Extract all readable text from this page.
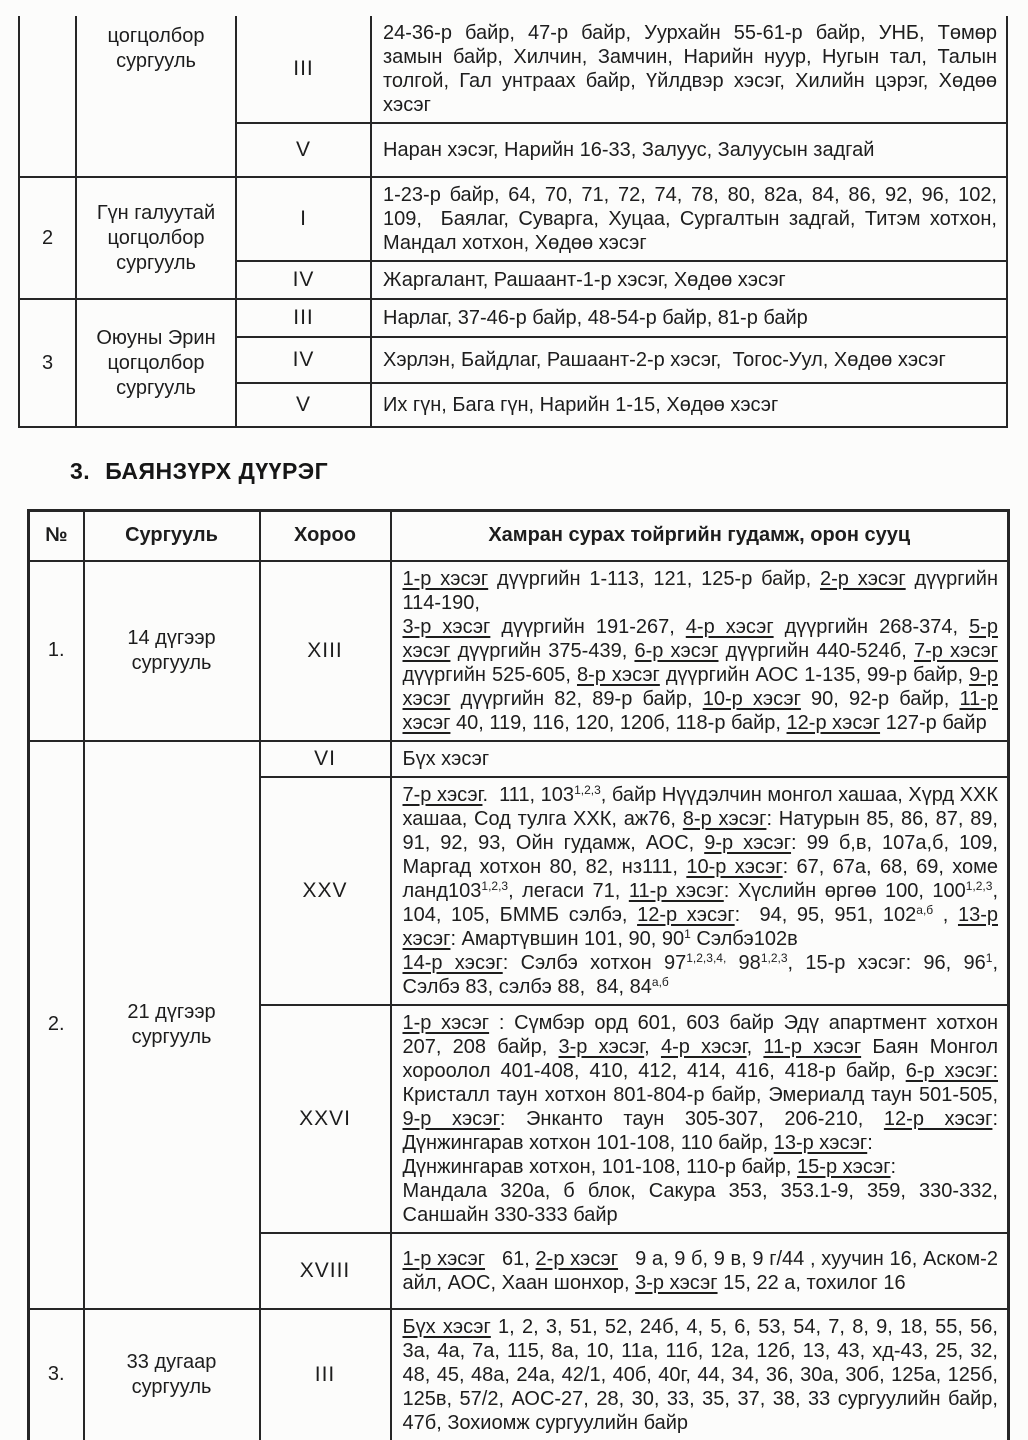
	цогцолбор сургууль	III	24-36-р байр, 47-р байр, Уурхайн 55-61-р байр, УНБ, Төмөр замын байр, Хилчин, Замчин, Нарийн нуур, Нугын тал, Талын толгой, Гал унтраах байр, Үйлдвэр хэсэг, Хилийн цэрэг, Хөдөө хэсэг
		V	Наран хэсэг, Нарийн 16-33, Залуус, Залуусын задгай
2	Гүн галуутай цогцолбор сургууль	I	1-23-р байр, 64, 70, 71, 72, 74, 78, 80, 82а, 84, 86, 92, 96, 102, 109,  Баялаг, Суварга, Хуцаа, Сургалтын задгай, Титэм хотхон, Мандал хотхон, Хөдөө хэсэг
		IV	Жаргалант, Рашаант-1-р хэсэг, Хөдөө хэсэг
3	Оюуны Эрин цогцолбор сургууль	III	Нарлаг, 37-46-р байр, 48-54-р байр, 81-р байр
		IV	Хэрлэн, Байдлаг, Рашаант-2-р хэсэг,  Тогос-Уул, Хөдөө хэсэг
		V	Их гүн, Бага гүн, Нарийн 1-15, Хөдөө хэсэг
3. БАЯНЗҮРХ ДҮҮРЭГ
№	Сургууль	Хороо	Хамран сурах тойргийн гудамж, орон сууц
1.	14 дүгээр сургууль	XIII	1-р хэсэг дүүргийн 1-113, 121, 125-р байр, 2-р хэсэг дүүргийн 114-190,
3-р хэсэг дүүргийн 191-267, 4-р хэсэг дүүргийн 268-374, 5-р хэсэг дүүргийн 375-439, 6-р хэсэг дүүргийн 440-524б, 7-р хэсэг дүүргийн 525-605, 8-р хэсэг дүүргийн АОС 1-135, 99-р байр, 9-р хэсэг дүүргийн 82, 89-р байр, 10-р хэсэг 90, 92-р байр, 11-р хэсэг 40, 119, 116, 120, 120б, 118-р байр, 12-р хэсэг 127-р байр
2.	21 дүгээр сургууль	VI	Бүх хэсэг
		XXV	7-р хэсэг.  111, 103$^{1,2,3}$, байр Нүүдэлчин монгол хашаа, Хүрд ХХК хашаа, Сод тулга ХХК, аж76, 8-р хэсэг: Натурын 85, 86, 87, 89, 91, 92, 93, Ойн гудамж, АОС, 9-р хэсэг: 99 б,в, 107а,б, 109, Маргад хотхон 80, 82, нз111, 10-р хэсэг: 67, 67а, 68, 69, хоме ланд103$^{1,2,3}$, легаси 71, 11-р хэсэг: Хүслийн өргөө 100, 100$^{1,2,3}$, 104, 105, БММБ сэлбэ, 12-р хэсэг:  94, 95, 951, $102^{а,б}$ , 13-р хэсэг: Амартүвшин 101, 90, $90^1$ Сэлбэ102в
14-р хэсэг: Сэлбэ хотхон $97^{1,2,3,4,}$ 98$^{1,2,3}$, 15-р хэсэг: 96, $96^1$, Сэлбэ 83, сэлбэ 88,  84, $84^{а,б}$
		XXVI	1-р хэсэг : Сүмбэр орд 601, 603 байр Эдү апартмент хотхон 207, 208 байр, 3-р хэсэг, 4-р хэсэг, 11-р хэсэг Баян Монгол хороолол 401-408, 410, 412, 414, 416, 418-р байр, 6-р хэсэг: Кристалл таун хотхон 801-804-р байр, Эмериалд таун 501-505, 9-р хэсэг: Энканто таун 305-307, 206-210, 12-р хэсэг: Дүнжингарав хотхон 101-108, 110 байр, 13-р хэсэг:
Дүнжингарав хотхон, 101-108, 110-р байр, 15-р хэсэг:
Мандала 320а, б блок, Сакура 353, 353.1-9, 359, 330-332, Саншайн 330-333 байр
		XVIII	1-р хэсэг   61, 2-р хэсэг   9 а, 9 б, 9 в, 9 г/44 , хуучин 16, Аском-2 айл, АОС, Хаан шонхор, 3-р хэсэг 15, 22 а, тохилог 16
3.	33 дугаар сургууль	III	Бүх хэсэг 1, 2, 3, 51, 52, 24б, 4, 5, 6, 53, 54, 7, 8, 9, 18, 55, 56, 3а, 4а, 7а, 115, 8а, 10, 11а, 11б, 12а, 12б, 13, 43, хд-43, 25, 32, 48, 45, 48а, 24а, 42/1, 40б, 40г, 44, 34, 36, 30а, 30б, 125а, 125б, 125в, 57/2, АОС-27, 28, 30, 33, 35, 37, 38, 33 сургуулийн байр, 47б, Зохиомж сургуулийн байр
